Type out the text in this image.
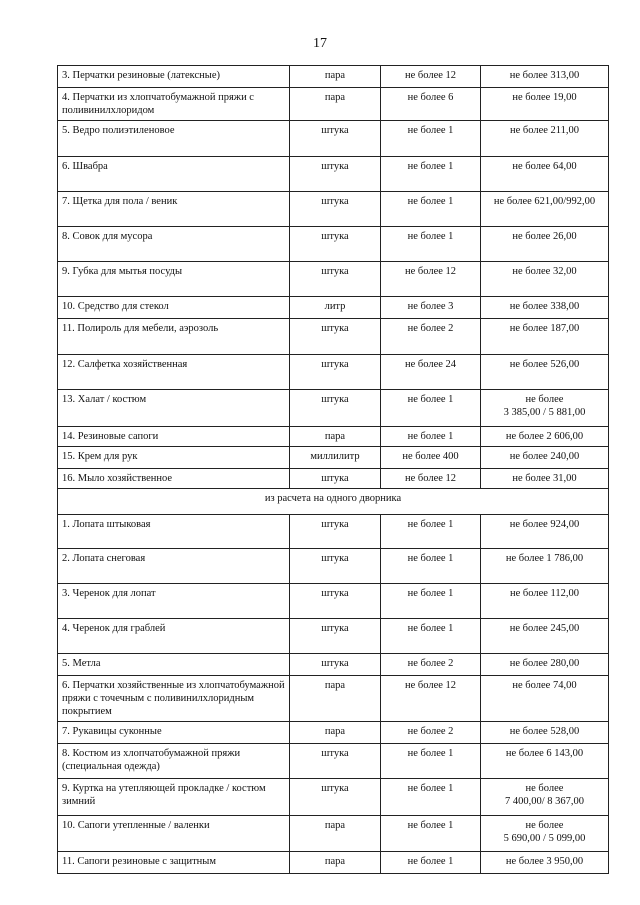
17
3. Перчатки резиновые (латексные)	пара	не более 12	не более 313,00
4. Перчатки из хлопчатобумажной пряжи с поливинилхлоридом	пара	не более 6	не более 19,00
5. Ведро полиэтиленовое	штука	не более 1	не более 211,00
6. Швабра	штука	не более 1	не более 64,00
7. Щетка для пола / веник	штука	не более 1	не более 621,00/992,00
8. Совок для мусора	штука	не более 1	не более 26,00
9. Губка для мытья посуды	штука	не более 12	не более 32,00
10. Средство для стекол	литр	не более 3	не более 338,00
11. Полироль для мебели, аэрозоль	штука	не более 2	не более 187,00
12. Салфетка хозяйственная	штука	не более 24	не более 526,00
13. Халат / костюм	штука	не более 1	не более
3 385,00 / 5 881,00
14. Резиновые сапоги	пара	не более 1	не более 2 606,00
15. Крем для рук	миллилитр	не более 400	не более 240,00
16. Мыло хозяйственное	штука	не более 12	не более 31,00
из расчета на одного дворника			
1. Лопата штыковая	штука	не более 1	не более 924,00
2. Лопата снеговая	штука	не более 1	не более 1 786,00
3. Черенок для лопат	штука	не более 1	не более 112,00
4. Черенок для граблей	штука	не более 1	не более 245,00
5. Метла	штука	не более 2	не более 280,00
6. Перчатки хозяйственные из хлопчатобумажной пряжи с точечным с поливинилхлоридным покрытием	пара	не более 12	не более 74,00
7. Рукавицы суконные	пара	не более 2	не более 528,00
8. Костюм из хлопчатобумажной пряжи (специальная одежда)	штука	не более 1	не более 6 143,00
9. Куртка на утепляющей прокладке / костюм зимний	штука	не более 1	не более
7 400,00/ 8 367,00
10. Сапоги утепленные / валенки	пара	не более 1	не более
5 690,00 / 5 099,00
11. Сапоги резиновые с защитным	пара	не более 1	не более 3 950,00
